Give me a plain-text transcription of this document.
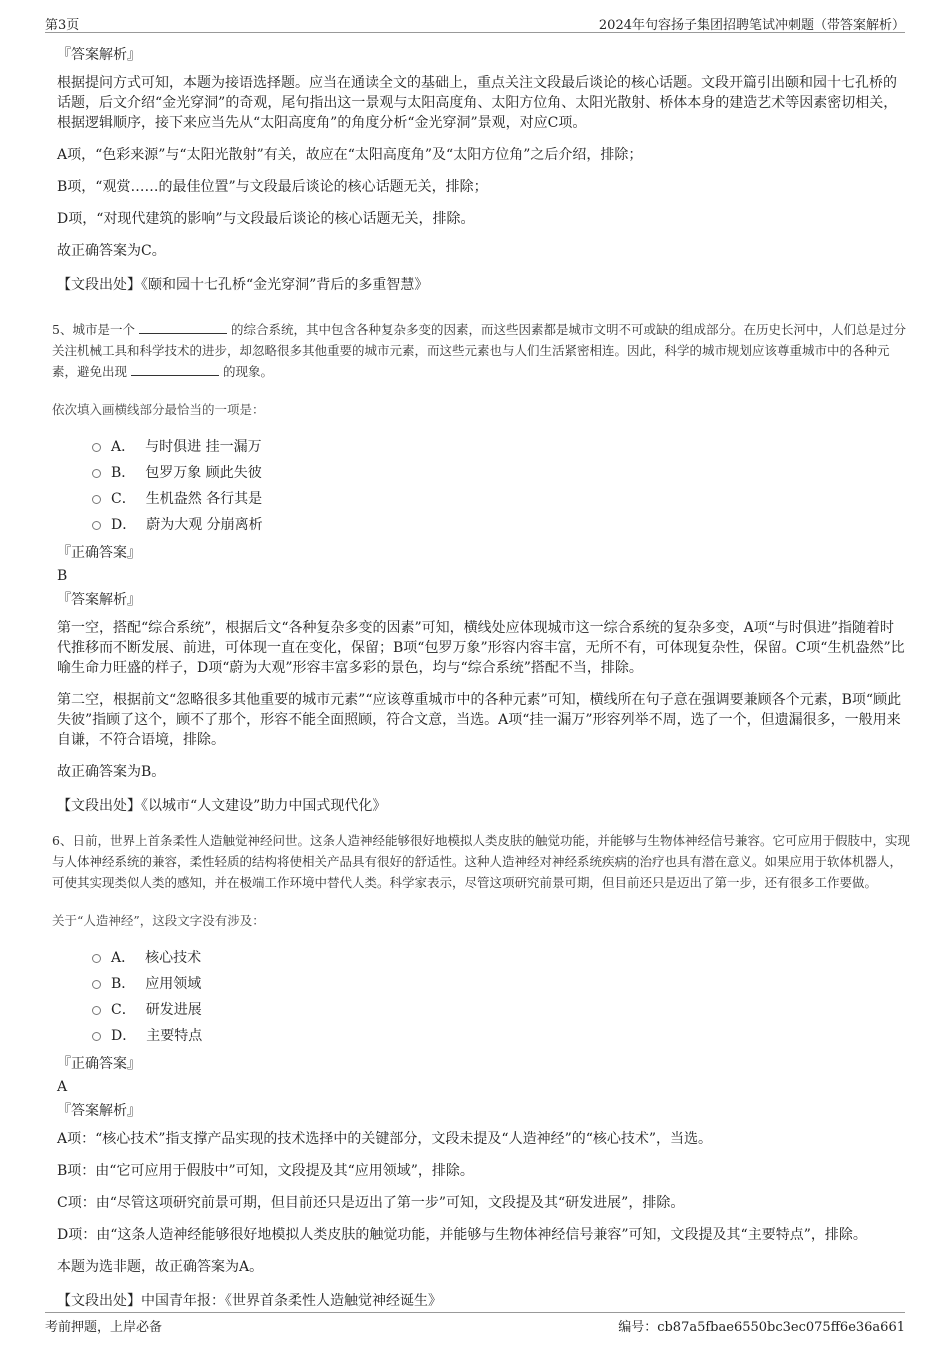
第3页	2024年句容扬子集团招聘笔试冲刺题（带答案解析）
『答案解析』
根据提问方式可知，本题为接语选择题。应当在通读全文的基础上，重点关注文段最后谈论的核心话题。文段开篇引出颐和园十七孔桥的话题，后文介绍“金光穿洞”的奇观，尾句指出这一景观与太阳高度角、太阳方位角、太阳光散射、桥体本身的建造艺术等因素密切相关，根据逻辑顺序，接下来应当先从“太阳高度角”的角度分析“金光穿洞”景观，对应C项。
A项，“色彩来源”与“太阳光散射”有关，故应在“太阳高度角”及“太阳方位角”之后介绍，排除；
B项，“观赏……的最佳位置”与文段最后谈论的核心话题无关，排除；
D项，“对现代建筑的影响”与文段最后谈论的核心话题无关，排除。
故正确答案为C。
【文段出处】《颐和园十七孔桥“金光穿洞”背后的多重智慧》
5、城市是一个	的综合系统，其中包含各种复杂多变的因素，而这些因素都是城市文明不可或缺的组成部分。在历史长河中，人们总是过分关注机械工具和科学技术的进步，却忽略很多其他重要的城市元素，而这些元素也与人们生活紧密相连。因此，科学的城市规划应该尊重城市中的各种元素，避免出现	的现象。
依次填入画横线部分最恰当的一项是：
A． 与时俱进 挂一漏万
B． 包罗万象 顾此失彼
C． 生机盎然 各行其是
D． 蔚为大观 分崩离析
『正确答案』
B
『答案解析』
第一空，搭配“综合系统”，根据后文“各种复杂多变的因素”可知，横线处应体现城市这一综合系统的复杂多变，A项“与时俱进”指随着时代推移而不断发展、前进，可体现一直在变化，保留；B项“包罗万象”形容内容丰富，无所不有，可体现复杂性，保留。C项“生机盎然”比喻生命力旺盛的样子，D项“蔚为大观”形容丰富多彩的景色，均与“综合系统”搭配不当，排除。
第二空，根据前文“忽略很多其他重要的城市元素”“应该尊重城市中的各种元素”可知，横线所在句子意在强调要兼顾各个元素，B项“顾此失彼”指顾了这个，顾不了那个，形容不能全面照顾，符合文意，当选。A项“挂一漏万”形容列举不周，选了一个，但遗漏很多，一般用来自谦，不符合语境，排除。
故正确答案为B。
【文段出处】《以城市“人文建设”助力中国式现代化》
6、日前，世界上首条柔性人造触觉神经问世。这条人造神经能够很好地模拟人类皮肤的触觉功能，并能够与生物体神经信号兼容。它可应用于假肢中，实现与人体神经系统的兼容，柔性轻质的结构将使相关产品具有很好的舒适性。这种人造神经对神经系统疾病的治疗也具有潜在意义。如果应用于软体机器人，可使其实现类似人类的感知，并在极端工作环境中替代人类。科学家表示，尽管这项研究前景可期，但目前还只是迈出了第一步，还有很多工作要做。
关于“人造神经”，这段文字没有涉及：
A． 核心技术
B． 应用领域
C． 研发进展
D． 主要特点
『正确答案』
A
『答案解析』
A项：“核心技术”指支撑产品实现的技术选择中的关键部分，文段未提及“人造神经”的“核心技术”，当选。
B项：由“它可应用于假肢中”可知，文段提及其“应用领域”，排除。
C项：由“尽管这项研究前景可期，但目前还只是迈出了第一步”可知，文段提及其“研发进展”，排除。
D项：由“这条人造神经能够很好地模拟人类皮肤的触觉功能，并能够与生物体神经信号兼容”可知，文段提及其“主要特点”，排除。
本题为选非题，故正确答案为A。
【文段出处】中国青年报：《世界首条柔性人造触觉神经诞生》
考前押题，上岸必备	编号：cb87a5fbae6550bc3ec075ff6e36a661
